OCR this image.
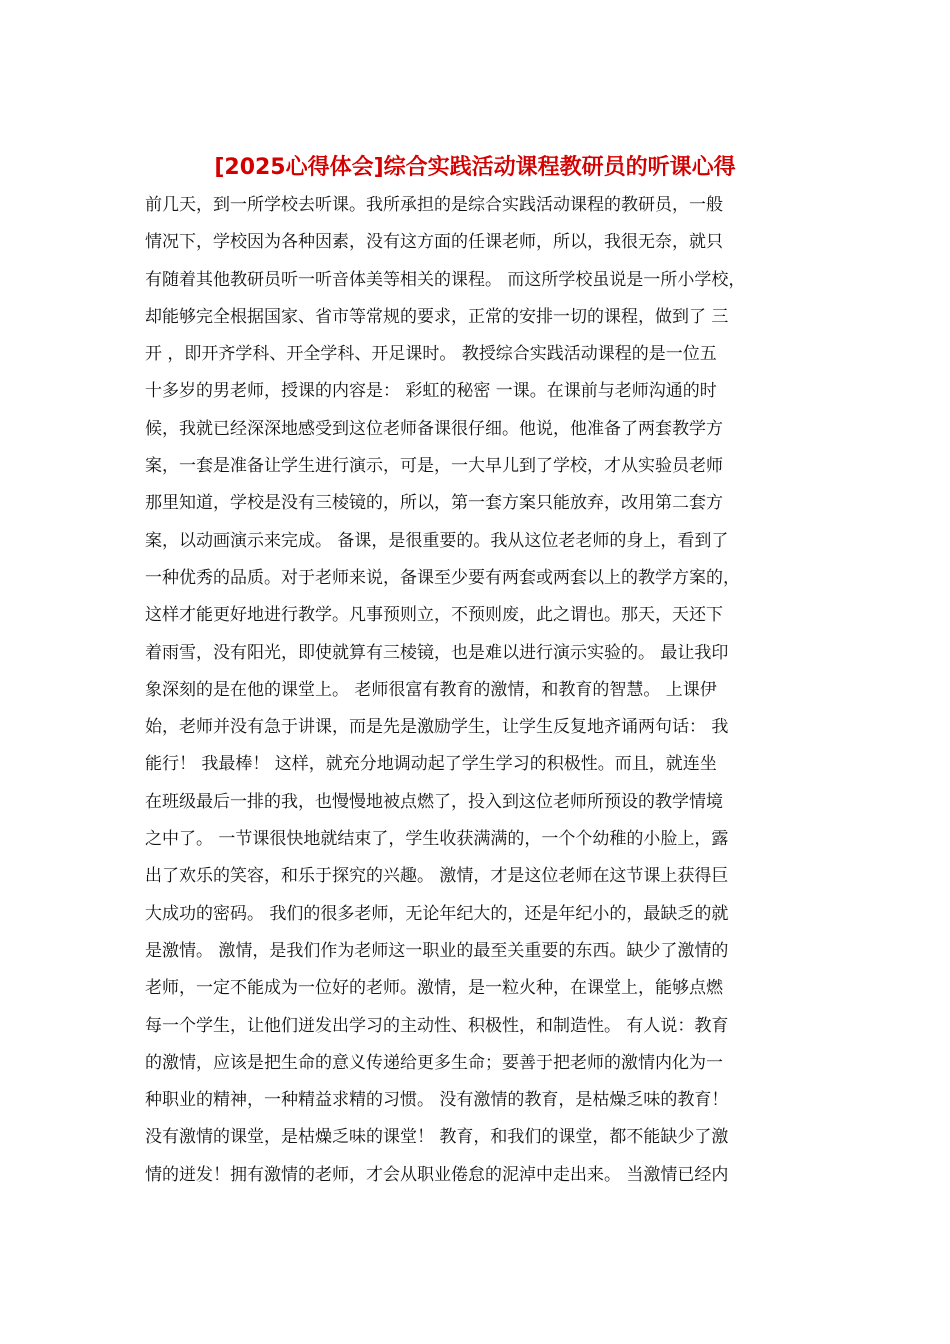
[2025心得体会]综合实践活动课程教研员的听课心得
前几天，到一所学校去听课。我所承担的是综合实践活动课程的教研员，一般
情况下，学校因为各种因素，没有这方面的任课老师，所以，我很无奈，就只
有随着其他教研员听一听音体美等相关的课程。 而这所学校虽说是一所小学校，
却能够完全根据国家、省市等常规的要求，正常的安排一切的课程，做到了 三
开 ，即开齐学科、开全学科、开足课时。 教授综合实践活动课程的是一位五
十多岁的男老师，授课的内容是： 彩虹的秘密 一课。在课前与老师沟通的时
候，我就已经深深地感受到这位老师备课很仔细。他说，他准备了两套教学方
案，一套是准备让学生进行演示，可是，一大早儿到了学校，才从实验员老师
那里知道，学校是没有三棱镜的，所以，第一套方案只能放弃，改用第二套方
案，以动画演示来完成。 备课，是很重要的。我从这位老老师的身上，看到了
一种优秀的品质。对于老师来说，备课至少要有两套或两套以上的教学方案的，
这样才能更好地进行教学。凡事预则立，不预则废，此之谓也。那天，天还下
着雨雪，没有阳光，即使就算有三棱镜，也是难以进行演示实验的。 最让我印
象深刻的是在他的课堂上。 老师很富有教育的激情，和教育的智慧。 上课伊
始，老师并没有急于讲课，而是先是激励学生，让学生反复地齐诵两句话： 我
能行！ 我最棒！ 这样，就充分地调动起了学生学习的积极性。而且，就连坐
在班级最后一排的我，也慢慢地被点燃了，投入到这位老师所预设的教学情境
之中了。 一节课很快地就结束了，学生收获满满的，一个个幼稚的小脸上，露
出了欢乐的笑容，和乐于探究的兴趣。 激情，才是这位老师在这节课上获得巨
大成功的密码。 我们的很多老师，无论年纪大的，还是年纪小的，最缺乏的就
是激情。 激情，是我们作为老师这一职业的最至关重要的东西。缺少了激情的
老师，一定不能成为一位好的老师。激情，是一粒火种，在课堂上，能够点燃
每一个学生，让他们迸发出学习的主动性、积极性，和制造性。 有人说：教育
的激情，应该是把生命的意义传递给更多生命；要善于把老师的激情内化为一
种职业的精神，一种精益求精的习惯。 没有激情的教育，是枯燥乏味的教育！
没有激情的课堂，是枯燥乏味的课堂！ 教育，和我们的课堂，都不能缺少了激
情的迸发！拥有激情的老师，才会从职业倦怠的泥淖中走出来。 当激情已经内
